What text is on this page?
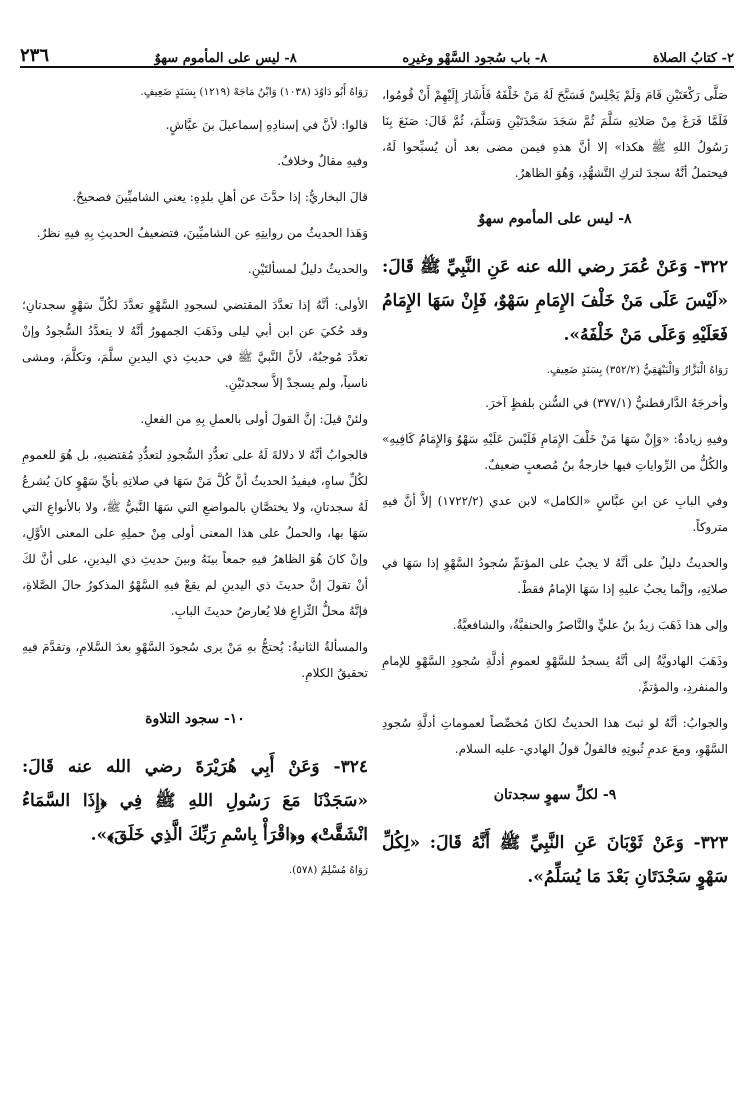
٢- كتابُ الصلاة
٨- باب سُجود السَّهْو وغيرِه
٨- ليس على المأموم سهوٌ
٢٣٦

صَلَّى رَكْعَتَيْنِ قَامَ وَلَمْ يَجْلِسْ فَسَبَّحَ لَهُ مَنْ خَلْفَهُ فَأَشَارَ إِلَيْهِمْ أَنْ قُومُوا، فَلَمَّا فَرَغَ مِنْ صَلاتِهِ سَلَّمَ ثُمَّ سَجَدَ سَجْدَتَيْنِ وَسَلَّمَ، ثُمَّ قَالَ: صَنَعَ بِنَا رَسُولُ اللهِ ﷺ هكذا» إلا أنَّ هذهِ فيمن مضى بعد أن يُسبِّحوا لَهُ، فيحتملُ أنَّهُ سجدَ لتركِ التَّشهُّدِ، وَهُوَ الظاهرُ.

٨- ليس على المأموم سهوٌ

٣٢٢- وَعَنْ عُمَرَ رضي الله عنه عَنِ النَّبِيِّ ﷺ قَالَ: «لَيْسَ عَلَى مَنْ خَلْفَ الإِمَامِ سَهْوٌ، فَإِنْ سَهَا الإِمَامُ فَعَلَيْهِ وَعَلَى مَنْ خَلْفَهُ».

رَوَاهُ الْبَزَّارُ وَالْبَيْهَقِيُّ (٣٥٢/٢) بِسَنَدٍ ضَعِيفٍ.

وأخرجَهُ الدَّارقطنيُّ (٣٧٧/١) في السُّنن بلفظٍ آخرَ.

وفيهِ زيادةٌ: «وَإِنْ سَهَا مَنْ خَلْفَ الإِمَامِ فَلَيْسَ عَلَيْهِ سَهْوٌ وَالإِمَامُ كَافِيهِ» والكُلُّ من الرِّواياتِ فيها خارجةُ بنُ مُصعبٍ ضعيفٌ.

وفي البابِ عن ابنِ عبَّاسٍ «الكامل» لابن عدي (١٧٢٢/٢) إلاَّ أنَّ فيهِ متروكاً.

والحديثُ دليلٌ على أنَّهُ لا يجبُ على المؤتمِّ سُجودُ السَّهْوِ إذا سَهَا في صلاتِهِ، وإنَّما يجبُ عليهِ إذا سَهَا الإمامُ فقطْ.

وإلى هذا ذَهَبَ زيدُ بنُ عليٍّ والنَّاصرُ والحنفيَّةُ، والشافعيَّةُ.

وذَهَبَ الهادويَّةُ إلى أنَّهُ يسجدُ للسَّهْوِ لعمومِ أدلَّةِ سُجودِ السَّهْوِ للإمامِ والمنفردِ، والمؤتمِّ.

والجوابُ: أنَّهُ لو ثبتَ هذا الحديثُ لكانَ مُخصِّصاً لعموماتِ أدلَّةِ سُجودِ السَّهْوِ، ومعَ عدمِ ثُبوتِهِ فالقولُ قولُ الهادي- عليه السلام.

٩- لكلِّ سهوٍ سجدتان

٣٢٣- وَعَنْ ثَوْبَانَ عَنِ النَّبِيِّ ﷺ أَنَّهُ قَالَ: «لِكُلِّ سَهْوٍ سَجْدَتَانِ بَعْدَ مَا يُسَلِّمُ».

رَوَاهُ أَبُو دَاوُدَ (١٠٣٨) وَابْنُ مَاجَهْ (١٢١٩) بِسَنَدٍ ضَعِيفٍ.

قالوا: لأنَّ في إسنادِهِ إسماعيلَ بنَ عيَّاشٍ.

وفيهِ مقالٌ وخلافٌ.

قالَ البخاريُّ: إذا حدَّثَ عن أهلِ بلدِهِ: يعني الشاميِّينَ فصحيحٌ.

وَهَذا الحديثُ من روايتِهِ عن الشاميِّينَ، فتضعيفُ الحديثِ بِهِ فيهِ نظرٌ.

والحديثُ دليلٌ لمسألتَيْنِ.

الأولى: أنَّهُ إذا تعدَّدَ المقتضي لسجودِ السَّهْوِ تعدَّدَ لكُلِّ سَهْوٍ سجدتانِ؛ وقد حُكيَ عن ابن أبي ليلى وذَهَبَ الجمهورُ أنَّهُ لا يتعدَّدُ السُّجودُ وإنْ تعدَّدَ مُوجبُهُ، لأنَّ النَّبيَّ ﷺ في حديثِ ذي اليدينِ سلَّمَ، وتكلَّمَ، ومشى ناسياً، ولم يسجدْ إلاَّ سجدتَيْنِ.

ولئنْ قيلَ: إنَّ القولَ أولى بالعملِ بِهِ من الفعلِ.

فالجوابُ أنَّهُ لا دلالةَ لَهُ على تعدُّدِ السُّجودِ لتعدُّدِ مُقتضيهِ، بل هُوَ للعمومِ لكُلِّ ساهٍ، فيفيدُ الحديثُ أنَّ كُلَّ مَنْ سَهَا في صلاتِهِ بأيِّ سَهْوٍ كانَ يُشرعُ لَهُ سجدتانِ، ولا يختصَّانِ بالمواضعِ التي سَهَا النَّبيُّ ﷺ، ولا بالأنواعِ التي سَهَا بها، والحملُ على هذا المعنى أولى مِنْ حملِهِ على المعنى الأوَّلِ، وإنْ كانَ هُوَ الظاهرُ فيهِ جمعاً بينَهُ وبينَ حديثِ ذي اليدينِ، على أنَّ لكَ أنْ تقولَ إنَّ حديثَ ذي اليدينِ لم يقعْ فيهِ السَّهْوُ المذكورُ حالَ الصَّلاةِ، فإنَّهُ محلُّ النِّزاعِ فلا يُعارضُ حديثَ البابِ.

والمسألةُ الثانيةُ: يُحتجُّ بهِ مَنْ يرى سُجودَ السَّهْوِ بعدَ السَّلامِ، وتقدَّمَ فيهِ تحقيقُ الكلامِ.

١٠- سجود التلاوة

٣٢٤- وَعَنْ أَبِي هُرَيْرَةَ رضي الله عنه قَالَ: «سَجَدْنَا مَعَ رَسُولِ اللهِ ﷺ فِي ﴿إِذَا السَّمَاءُ انْشَقَّتْ﴾ و﴿اقْرَأْ بِاسْمِ رَبِّكَ الَّذِي خَلَقَ﴾».

رَوَاهُ مُسْلِمٌ (٥٧٨).
